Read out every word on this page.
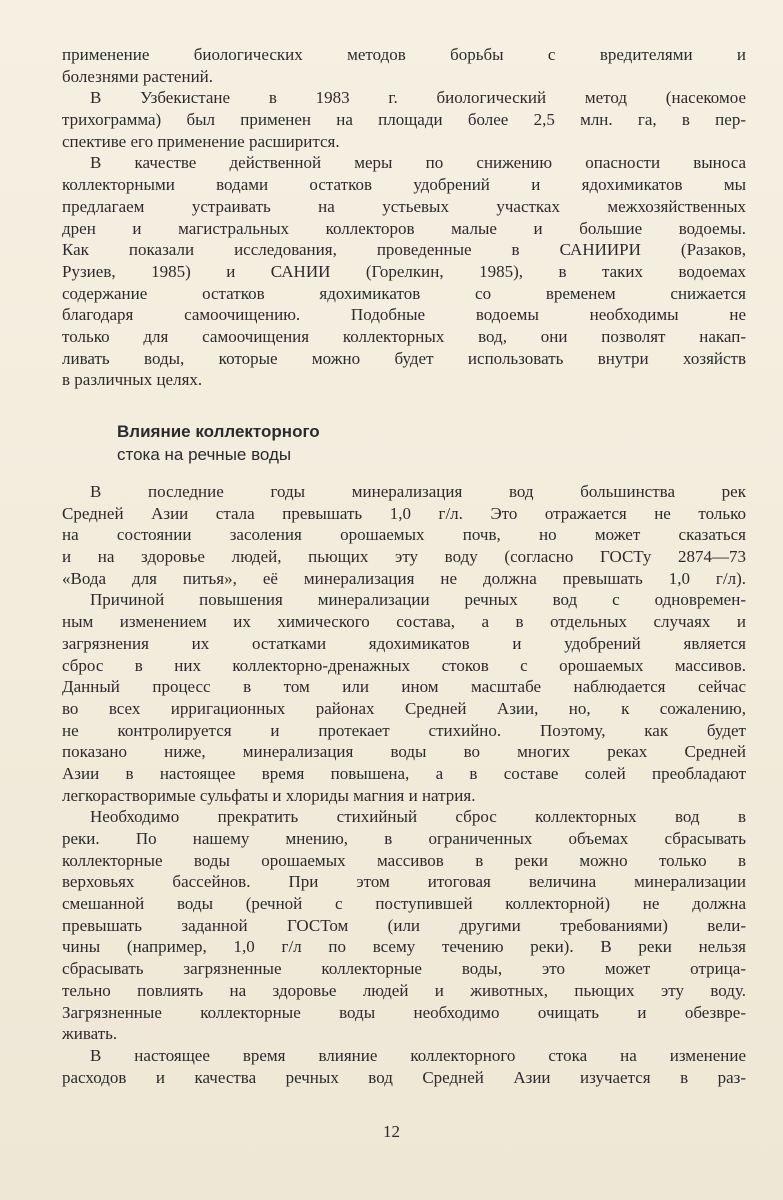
применение биологических методов борьбы с вредителями и
болезнями растений.
В Узбекистане в 1983 г. биологический метод (насекомое
трихограмма) был применен на площади более 2,5 млн. га, в пер-
спективе его применение расширится.
В качестве действенной меры по снижению опасности выноса
коллекторными водами остатков удобрений и ядохимикатов мы
предлагаем устраивать на устьевых участках межхозяйственных
дрен и магистральных коллекторов малые и большие водоемы.
Как показали исследования, проведенные в САНИИРИ (Разаков,
Рузиев, 1985) и САНИИ (Горелкин, 1985), в таких водоемах
содержание остатков ядохимикатов со временем снижается
благодаря самоочищению. Подобные водоемы необходимы не
только для самоочищения коллекторных вод, они позволят накап-
ливать воды, которые можно будет использовать внутри хозяйств
в различных целях.
Влияние коллекторного
стока на речные воды
В последние годы минерализация вод большинства рек
Средней Азии стала превышать 1,0 г/л. Это отражается не только
на состоянии засоления орошаемых почв, но может сказаться
и на здоровье людей, пьющих эту воду (согласно ГОСТу 2874—73
«Вода для питья», её минерализация не должна превышать 1,0 г/л).
Причиной повышения минерализации речных вод с одновремен-
ным изменением их химического состава, а в отдельных случаях и
загрязнения их остатками ядохимикатов и удобрений является
сброс в них коллекторно-дренажных стоков с орошаемых массивов.
Данный процесс в том или ином масштабе наблюдается сейчас
во всех ирригационных районах Средней Азии, но, к сожалению,
не контролируется и протекает стихийно. Поэтому, как будет
показано ниже, минерализация воды во многих реках Средней
Азии в настоящее время повышена, а в составе солей преобладают
легкорастворимые сульфаты и хлориды магния и натрия.
Необходимо прекратить стихийный сброс коллекторных вод в
реки. По нашему мнению, в ограниченных объемах сбрасывать
коллекторные воды орошаемых массивов в реки можно только в
верховьях бассейнов. При этом итоговая величина минерализации
смешанной воды (речной с поступившей коллекторной) не должна
превышать заданной ГОСТом (или другими требованиями) вели-
чины (например, 1,0 г/л по всему течению реки). В реки нельзя
сбрасывать загрязненные коллекторные воды, это может отрица-
тельно повлиять на здоровье людей и животных, пьющих эту воду.
Загрязненные коллекторные воды необходимо очищать и обезвре-
живать.
В настоящее время влияние коллекторного стока на изменение
расходов и качества речных вод Средней Азии изучается в раз-
12
